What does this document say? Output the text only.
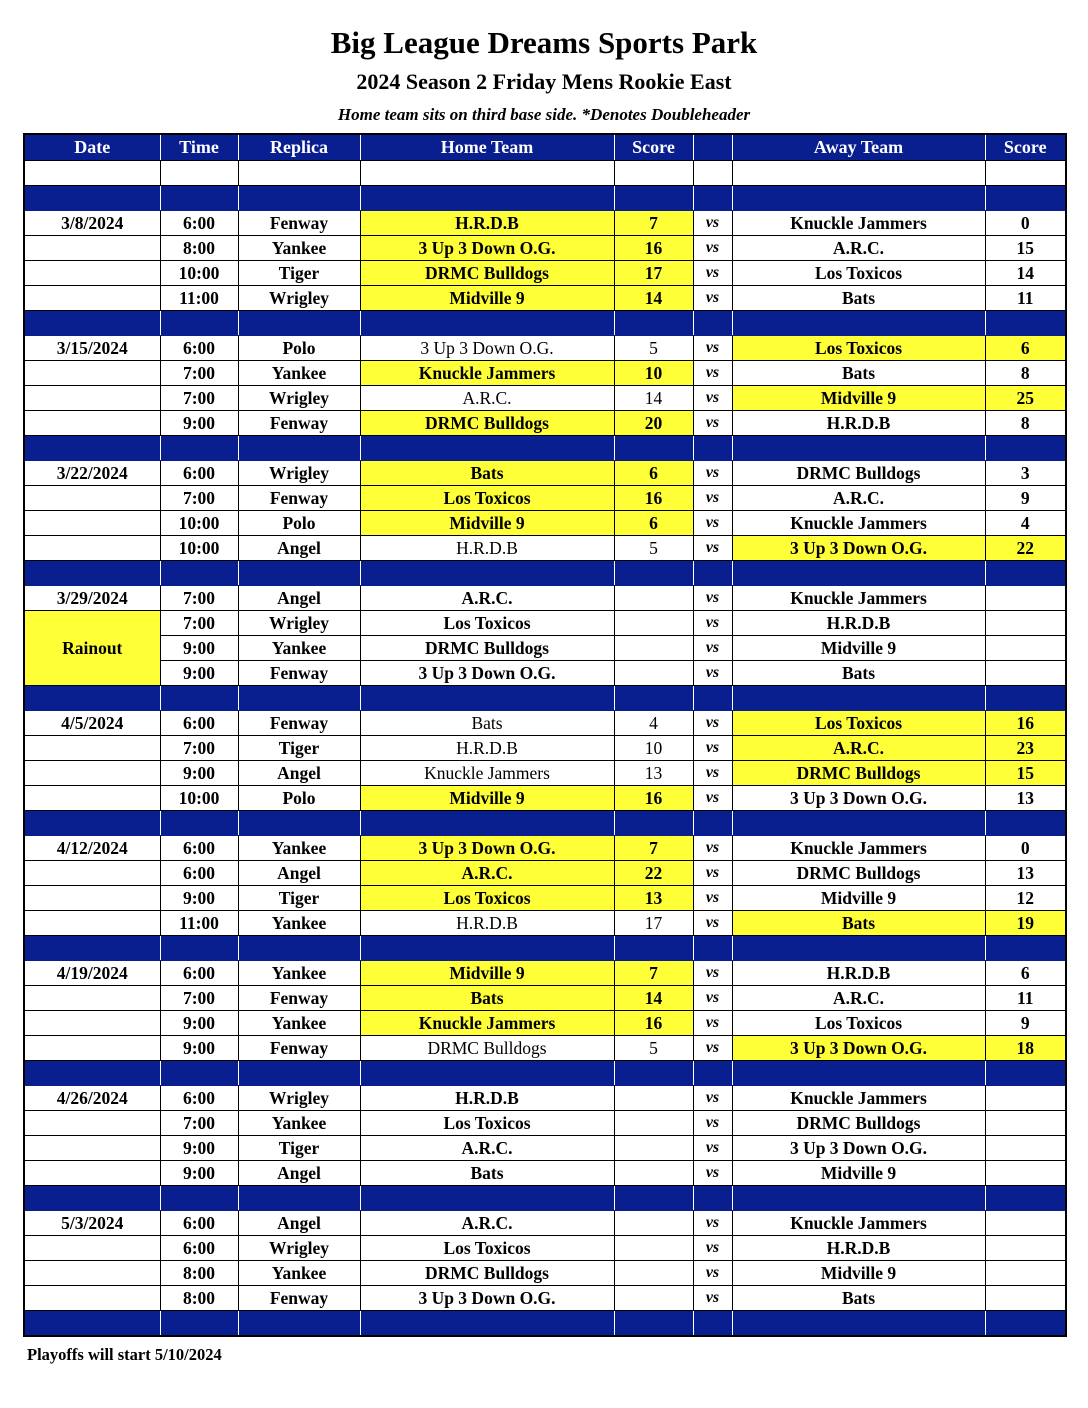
Big League Dreams Sports Park
2024 Season 2 Friday Mens Rookie East
Home team sits on third base side. *Denotes Doubleheader
Date	Time	Replica	Home Team	Score		Away Team	Score

3/8/2024	6:00	Fenway	H.R.D.B	7	vs	Knuckle Jammers	0
	8:00	Yankee	3 Up 3 Down O.G.	16	vs	A.R.C.	15
	10:00	Tiger	DRMC Bulldogs	17	vs	Los Toxicos	14
	11:00	Wrigley	Midville 9	14	vs	Bats	11

3/15/2024	6:00	Polo	3 Up 3 Down O.G.	5	vs	Los Toxicos	6
	7:00	Yankee	Knuckle Jammers	10	vs	Bats	8
	7:00	Wrigley	A.R.C.	14	vs	Midville 9	25
	9:00	Fenway	DRMC Bulldogs	20	vs	H.R.D.B	8

3/22/2024	6:00	Wrigley	Bats	6	vs	DRMC Bulldogs	3
	7:00	Fenway	Los Toxicos	16	vs	A.R.C.	9
	10:00	Polo	Midville 9	6	vs	Knuckle Jammers	4
	10:00	Angel	H.R.D.B	5	vs	3 Up 3 Down O.G.	22

3/29/2024	7:00	Angel	A.R.C.		vs	Knuckle Jammers	
Rainout	7:00	Wrigley	Los Toxicos		vs	H.R.D.B	
	9:00	Yankee	DRMC Bulldogs		vs	Midville 9	
	9:00	Fenway	3 Up 3 Down O.G.		vs	Bats	

4/5/2024	6:00	Fenway	Bats	4	vs	Los Toxicos	16
	7:00	Tiger	H.R.D.B	10	vs	A.R.C.	23
	9:00	Angel	Knuckle Jammers	13	vs	DRMC Bulldogs	15
	10:00	Polo	Midville 9	16	vs	3 Up 3 Down O.G.	13

4/12/2024	6:00	Yankee	3 Up 3 Down O.G.	7	vs	Knuckle Jammers	0
	6:00	Angel	A.R.C.	22	vs	DRMC Bulldogs	13
	9:00	Tiger	Los Toxicos	13	vs	Midville 9	12
	11:00	Yankee	H.R.D.B	17	vs	Bats	19

4/19/2024	6:00	Yankee	Midville 9	7	vs	H.R.D.B	6
	7:00	Fenway	Bats	14	vs	A.R.C.	11
	9:00	Yankee	Knuckle Jammers	16	vs	Los Toxicos	9
	9:00	Fenway	DRMC Bulldogs	5	vs	3 Up 3 Down O.G.	18

4/26/2024	6:00	Wrigley	H.R.D.B		vs	Knuckle Jammers	
	7:00	Yankee	Los Toxicos		vs	DRMC Bulldogs	
	9:00	Tiger	A.R.C.		vs	3 Up 3 Down O.G.	
	9:00	Angel	Bats		vs	Midville 9	

5/3/2024	6:00	Angel	A.R.C.		vs	Knuckle Jammers	
	6:00	Wrigley	Los Toxicos		vs	H.R.D.B	
	8:00	Yankee	DRMC Bulldogs		vs	Midville 9	
	8:00	Fenway	3 Up 3 Down O.G.		vs	Bats	

Playoffs will start 5/10/2024
